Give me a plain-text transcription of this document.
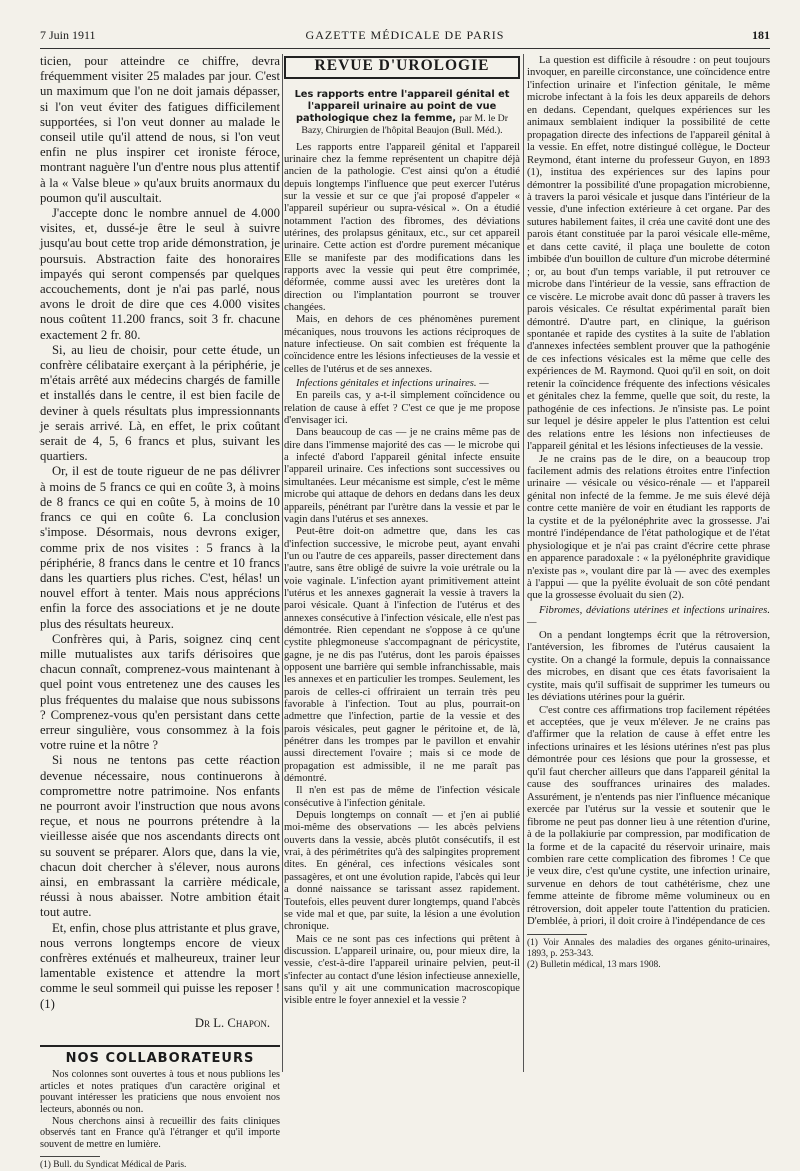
7 Juin 1911	GAZETTE MÉDICALE DE PARIS	181

ticien, pour atteindre ce chiffre, devra fréquemment visiter 25 malades par jour. C'est un maximum que l'on ne doit jamais dépasser, si l'on veut éviter des fatigues difficilement supportées, si l'on veut donner au malade le conseil utile qu'il attend de nous, si l'on veut enfin ne plus inspirer cet ironiste féroce, montrant naguère l'un d'entre nous plus attentif à la « Valse bleue » qu'aux bruits anormaux du poumon qu'il auscultait.

J'accepte donc le nombre annuel de 4.000 visites, et, dussé-je être le seul à suivre jusqu'au bout cette trop aride démonstration, je poursuis. Abstraction faite des honoraires impayés qui seront compensés par quelques accouchements, dont je n'ai pas parlé, nous avons le droit de dire que ces 4.000 visites nous coûtent 11.200 francs, soit 3 fr. chacune exactement 2 fr. 80.

Si, au lieu de choisir, pour cette étude, un confrère célibataire exerçant à la périphérie, je m'étais arrêté aux médecins chargés de famille et installés dans le centre, il est bien facile de deviner à quels résultats plus impressionnants je serais arrivé. Là, en effet, le prix coûtant serait de 4, 5, 6 francs et plus, suivant les quartiers.

Or, il est de toute rigueur de ne pas délivrer à moins de 5 francs ce qui en coûte 3, à moins de 8 francs ce qui en coûte 5, à moins de 10 francs ce qui en coûte 6. La conclusion s'impose. Désormais, nous devrons exiger, comme prix de nos visites : 5 francs à la périphérie, 8 francs dans le centre et 10 francs dans les quartiers plus riches. C'est, hélas! un nouvel effort à tenter. Mais nous apprécions enfin la force des associations et je ne doute plus des résultats heureux.

Confrères qui, à Paris, soignez cinq cent mille mutualistes aux tarifs dérisoires que chacun connaît, comprenez-vous maintenant à quel point vous entretenez une des causes les plus fréquentes du malaise que nous subissons ? Comprenez-vous qu'en persistant dans cette erreur singulière, vous consommez à la fois votre ruine et la nôtre ?

Si nous ne tentons pas cette réaction devenue nécessaire, nous continuerons à compromettre notre patrimoine. Nos enfants ne pourront avoir l'instruction que nous avons reçue, et nous ne pourrons prétendre à la vieillesse aisée que nos ascendants directs ont su souvent se préparer. Alors que, dans la vie, chacun doit chercher à s'élever, nous aurons ainsi, en embrassant la carrière médicale, réussi à nous abaisser. Notre ambition était tout autre.

Et, enfin, chose plus attristante et plus grave, nous verrons longtemps encore de vieux confrères exténués et malheureux, trainer leur lamentable existence et attendre la mort comme le seul sommeil qui puisse les reposer ! (1)

Dr L. Chapon.
NOS COLLABORATEURS

Nos colonnes sont ouvertes à tous et nous publions les articles et notes pratiques d'un caractère original et pouvant intéresser les praticiens que nous envoient nos lecteurs, abonnés ou non.

Nous cherchons ainsi à recueillir des faits cliniques observés tant en France qu'à l'étranger et qu'il importe souvent de mettre en lumière.

(1) Bull. du Syndicat Médical de Paris.

REVUE D'UROLOGIE
Les rapports entre l'appareil génital et l'appareil urinaire au point de vue pathologique chez la femme, par M. le Dr Bazy, Chirurgien de l'hôpital Beaujon (Bull. Méd.).

Les rapports entre l'appareil génital et l'appareil urinaire chez la femme représentent un chapitre déjà ancien de la pathologie. C'est ainsi qu'on a étudié depuis longtemps l'influence que peut exercer l'utérus sur la vessie et sur ce que j'ai proposé d'appeler « l'appareil supérieur ou supra-vésical ». On a étudié notamment l'action des fibromes, des déviations utérines, des prolapsus génitaux, etc., sur cet appareil urinaire. Cette action est d'ordre purement mécanique Elle se manifeste par des modifications dans les rapports avec la vessie qui peut être comprimée, déformée, comme aussi avec les uretères dont la direction ou l'implantation pourront se trouver changées.

Mais, en dehors de ces phénomènes purement mécaniques, nous trouvons les actions réciproques de nature infectieuse. On sait combien est fréquente la coïncidence entre les lésions infectieuses de la vessie et celles de l'utérus et de ses annexes.

Infections génitales et infections urinaires. —

En pareils cas, y a-t-il simplement coïncidence ou relation de cause à effet ? C'est ce que je me propose d'envisager ici.

Dans beaucoup de cas — je ne crains même pas de dire dans l'immense majorité des cas — le microbe qui a infecté d'abord l'appareil génital infecte ensuite l'appareil urinaire. Ces infections sont successives ou simultanées. Leur mécanisme est simple, c'est le même microbe qui attaque de dehors en dedans dans les deux appareils, pénétrant par l'urètre dans la vessie et par le vagin dans l'utérus et ses annexes.

Peut-être doit-on admettre que, dans les cas d'infection successive, le microbe peut, ayant envahi l'un ou l'autre de ces appareils, passer directement dans l'autre, sans être obligé de suivre la voie urétrale ou la voie vaginale. L'infection ayant primitivement atteint l'utérus et les annexes gagnerait la vessie à travers la paroi vésicale. Quant à l'infection de l'utérus et des annexes consécutive à l'infection vésicale, elle n'est pas démontrée. Rien cependant ne s'oppose à ce qu'une cystite phlegmoneuse s'accompagnant de péricystite, gagne, je ne dis pas l'utérus, dont les parois épaisses opposent une barrière qui semble infranchissable, mais les annexes et en particulier les trompes. Seulement, les parois de celles-ci offriraient un terrain très peu favorable à l'infection. Tout au plus, pourrait-on admettre que l'infection, partie de la vessie et des parois vésicales, peut gagner le péritoine et, de là, pénétrer dans les trompes par le pavillon et envahir aussi directement l'ovaire ; mais si ce mode de propagation est admissible, il ne me paraît pas démontré.

Il n'en est pas de même de l'infection vésicale consécutive à l'infection génitale.

Depuis longtemps on connaît — et j'en ai publié moi-même des observations — les abcès pelviens ouverts dans la vessie, abcès plutôt consécutifs, il est vrai, à des périmétrites qu'à des salpingites proprement dites. En général, ces infections vésicales sont passagères, et ont une évolution rapide, l'abcès qui leur a donné naissance se tarissant assez rapidement. Toutefois, elles peuvent durer longtemps, quand l'abcès se vide mal et que, par suite, la lésion a une évolution chronique.

Mais ce ne sont pas ces infections qui prêtent à discussion. L'appareil urinaire, ou, pour mieux dire, la vessie, c'est-à-dire l'appareil urinaire pelvien, peut-il s'infecter au contact d'une lésion infectieuse annexielle, sans qu'il y ait une communication macroscopique visible entre le foyer annexiel et la vessie ?

La question est difficile à résoudre : on peut toujours invoquer, en pareille circonstance, une coïncidence entre l'infection urinaire et l'infection génitale, le même microbe infectant à la fois les deux appareils de dehors en dedans. Cependant, quelques expériences sur les animaux semblaient indiquer la possibilité de cette propagation directe des infections de l'appareil génital à la vessie. En effet, notre distingué collègue, le Docteur Reymond, étant interne du professeur Guyon, en 1893 (1), institua des expériences sur des lapins pour démontrer la possibilité d'une propagation microbienne, à travers la paroi vésicale et jusque dans l'intérieur de la vessie, d'une infection extérieure à cet organe. Par des sutures habilement faites, il créa une cavité dont une des parois étant constituée par la paroi vésicale elle-même, et dans cette cavité, il plaça une boulette de coton imbibée d'un bouillon de culture d'un microbe déterminé ; or, au bout d'un temps variable, il put retrouver ce microbe dans l'intérieur de la vessie, sans effraction de ce viscère. Le microbe avait donc dû passer à travers les parois vésicales. Ce résultat expérimental paraît bien démontré. D'autre part, en clinique, la guérison spontanée et rapide des cystites à la suite de l'ablation d'annexes infectées semblent prouver que la pathogénie de ces infections vésicales est la même que celle des expériences de M. Raymond. Quoi qu'il en soit, on doit retenir la coïncidence fréquente des infections vésicales et génitales chez la femme, quelle que soit, du reste, la pathogénie de ces infections. Je n'insiste pas. Le point sur lequel je désire appeler le plus l'attention est celui des relations entre les lésions non infectieuses de l'appareil génital et les lésions infectieuses de la vessie.

Je ne crains pas de le dire, on a beaucoup trop facilement admis des relations étroites entre l'infection urinaire — vésicale ou vésico-rénale — et l'appareil génital non infecté de la femme. Je me suis élevé déjà contre cette manière de voir en étudiant les rapports de la cystite et de la pyélonéphrite avec la grossesse. J'ai montré l'indépendance de l'état pathologique et de l'état physiologique et je n'ai pas craint d'écrire cette phrase en apparence paradoxale : « la pyélonéphrite gravidique n'existe pas », voulant dire par là — avec des exemples à l'appui — que la pyélite évoluait de son côté pendant que la grossesse évoluait du sien (2).

Fibromes, déviations utérines et infections urinaires. —

On a pendant longtemps écrit que la rétroversion, l'antéversion, les fibromes de l'utérus causaient la cystite. On a changé la formule, depuis la connaissance des microbes, en disant que ces états favorisaient la cystite, mais qu'il suffisait de supprimer les tumeurs ou les déviations utérines pour la guérir.

C'est contre ces affirmations trop facilement répétées et acceptées, que je veux m'élever. Je ne crains pas d'affirmer que la relation de cause à effet entre les infections urinaires et les lésions utérines n'est pas plus démontrée pour ces lésions que pour la grossesse, et qu'il faut chercher ailleurs que dans l'appareil génital la cause des souffrances urinaires des malades. Assurément, je n'entends pas nier l'influence mécanique exercée par l'utérus sur la vessie et soutenir que le fibrome ne peut pas donner lieu à une rétention d'urine, à de la pollakiurie par compression, par modification de la forme et de la capacité du réservoir urinaire, mais combien rare cette complication des fibromes ! Ce que je veux dire, c'est qu'une cystite, une infection urinaire, survenue en dehors de tout cathétérisme, chez une femme atteinte de fibrome même volumineux ou en rétroversion, doit appeler toute l'attention du praticien. D'emblée, à priori, il doit croire à l'indépendance de ces

(1) Voir Annales des maladies des organes génito-urinaires, 1893, p. 253-343.

(2) Bulletin médical, 13 mars 1908.
